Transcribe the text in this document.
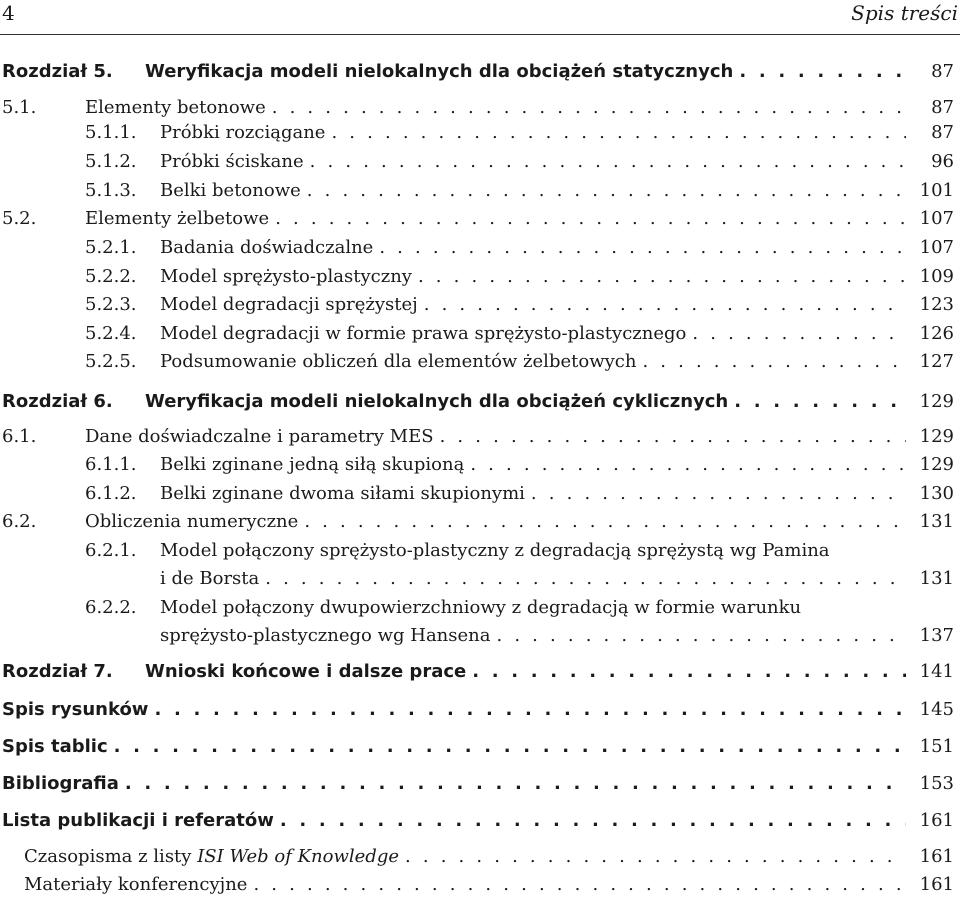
4	Spis treści
Rozdział 5. Weryfikacja modeli nielokalnych dla obciążeń statycznych . . .	87
5.1.	Elementy betonowe . . .	87
5.1.1. Próbki rozciągane . . .	87
5.1.2. Próbki ściskane . . .	96
5.1.3. Belki betonowe . . .	101
5.2.	Elementy żelbetowe . . .	107
5.2.1. Badania doświadczalne . . .	107
5.2.2. Model sprężysto-plastyczny . . .	109
5.2.3. Model degradacji sprężystej . . .	123
5.2.4. Model degradacji w formie prawa sprężysto-plastycznego . . .	126
5.2.5. Podsumowanie obliczeń dla elementów żelbetowych . . .	127
Rozdział 6. Weryfikacja modeli nielokalnych dla obciążeń cyklicznych . . .	129
6.1.	Dane doświadczalne i parametry MES . . .	129
6.1.1. Belki zginane jedną siłą skupioną . . .	129
6.1.2. Belki zginane dwoma siłami skupionymi . . .	130
6.2.	Obliczenia numeryczne . . .	131
6.2.1. Model połączony sprężysto-plastyczny z degradacją sprężystą wg Pamina
i de Borsta . . .	131
6.2.2. Model połączony dwupowierzchniowy z degradacją w formie warunku
sprężysto-plastycznego wg Hansena . . .	137
Rozdział 7. Wnioski końcowe i dalsze prace . . .	141
Spis rysunków . . .	145
Spis tablic . . .	151
Bibliografia . . .	153
Lista publikacji i referatów . . .	161
Czasopisma z listy ISI Web of Knowledge . . .	161
Materiały konferencyjne . . .	161
